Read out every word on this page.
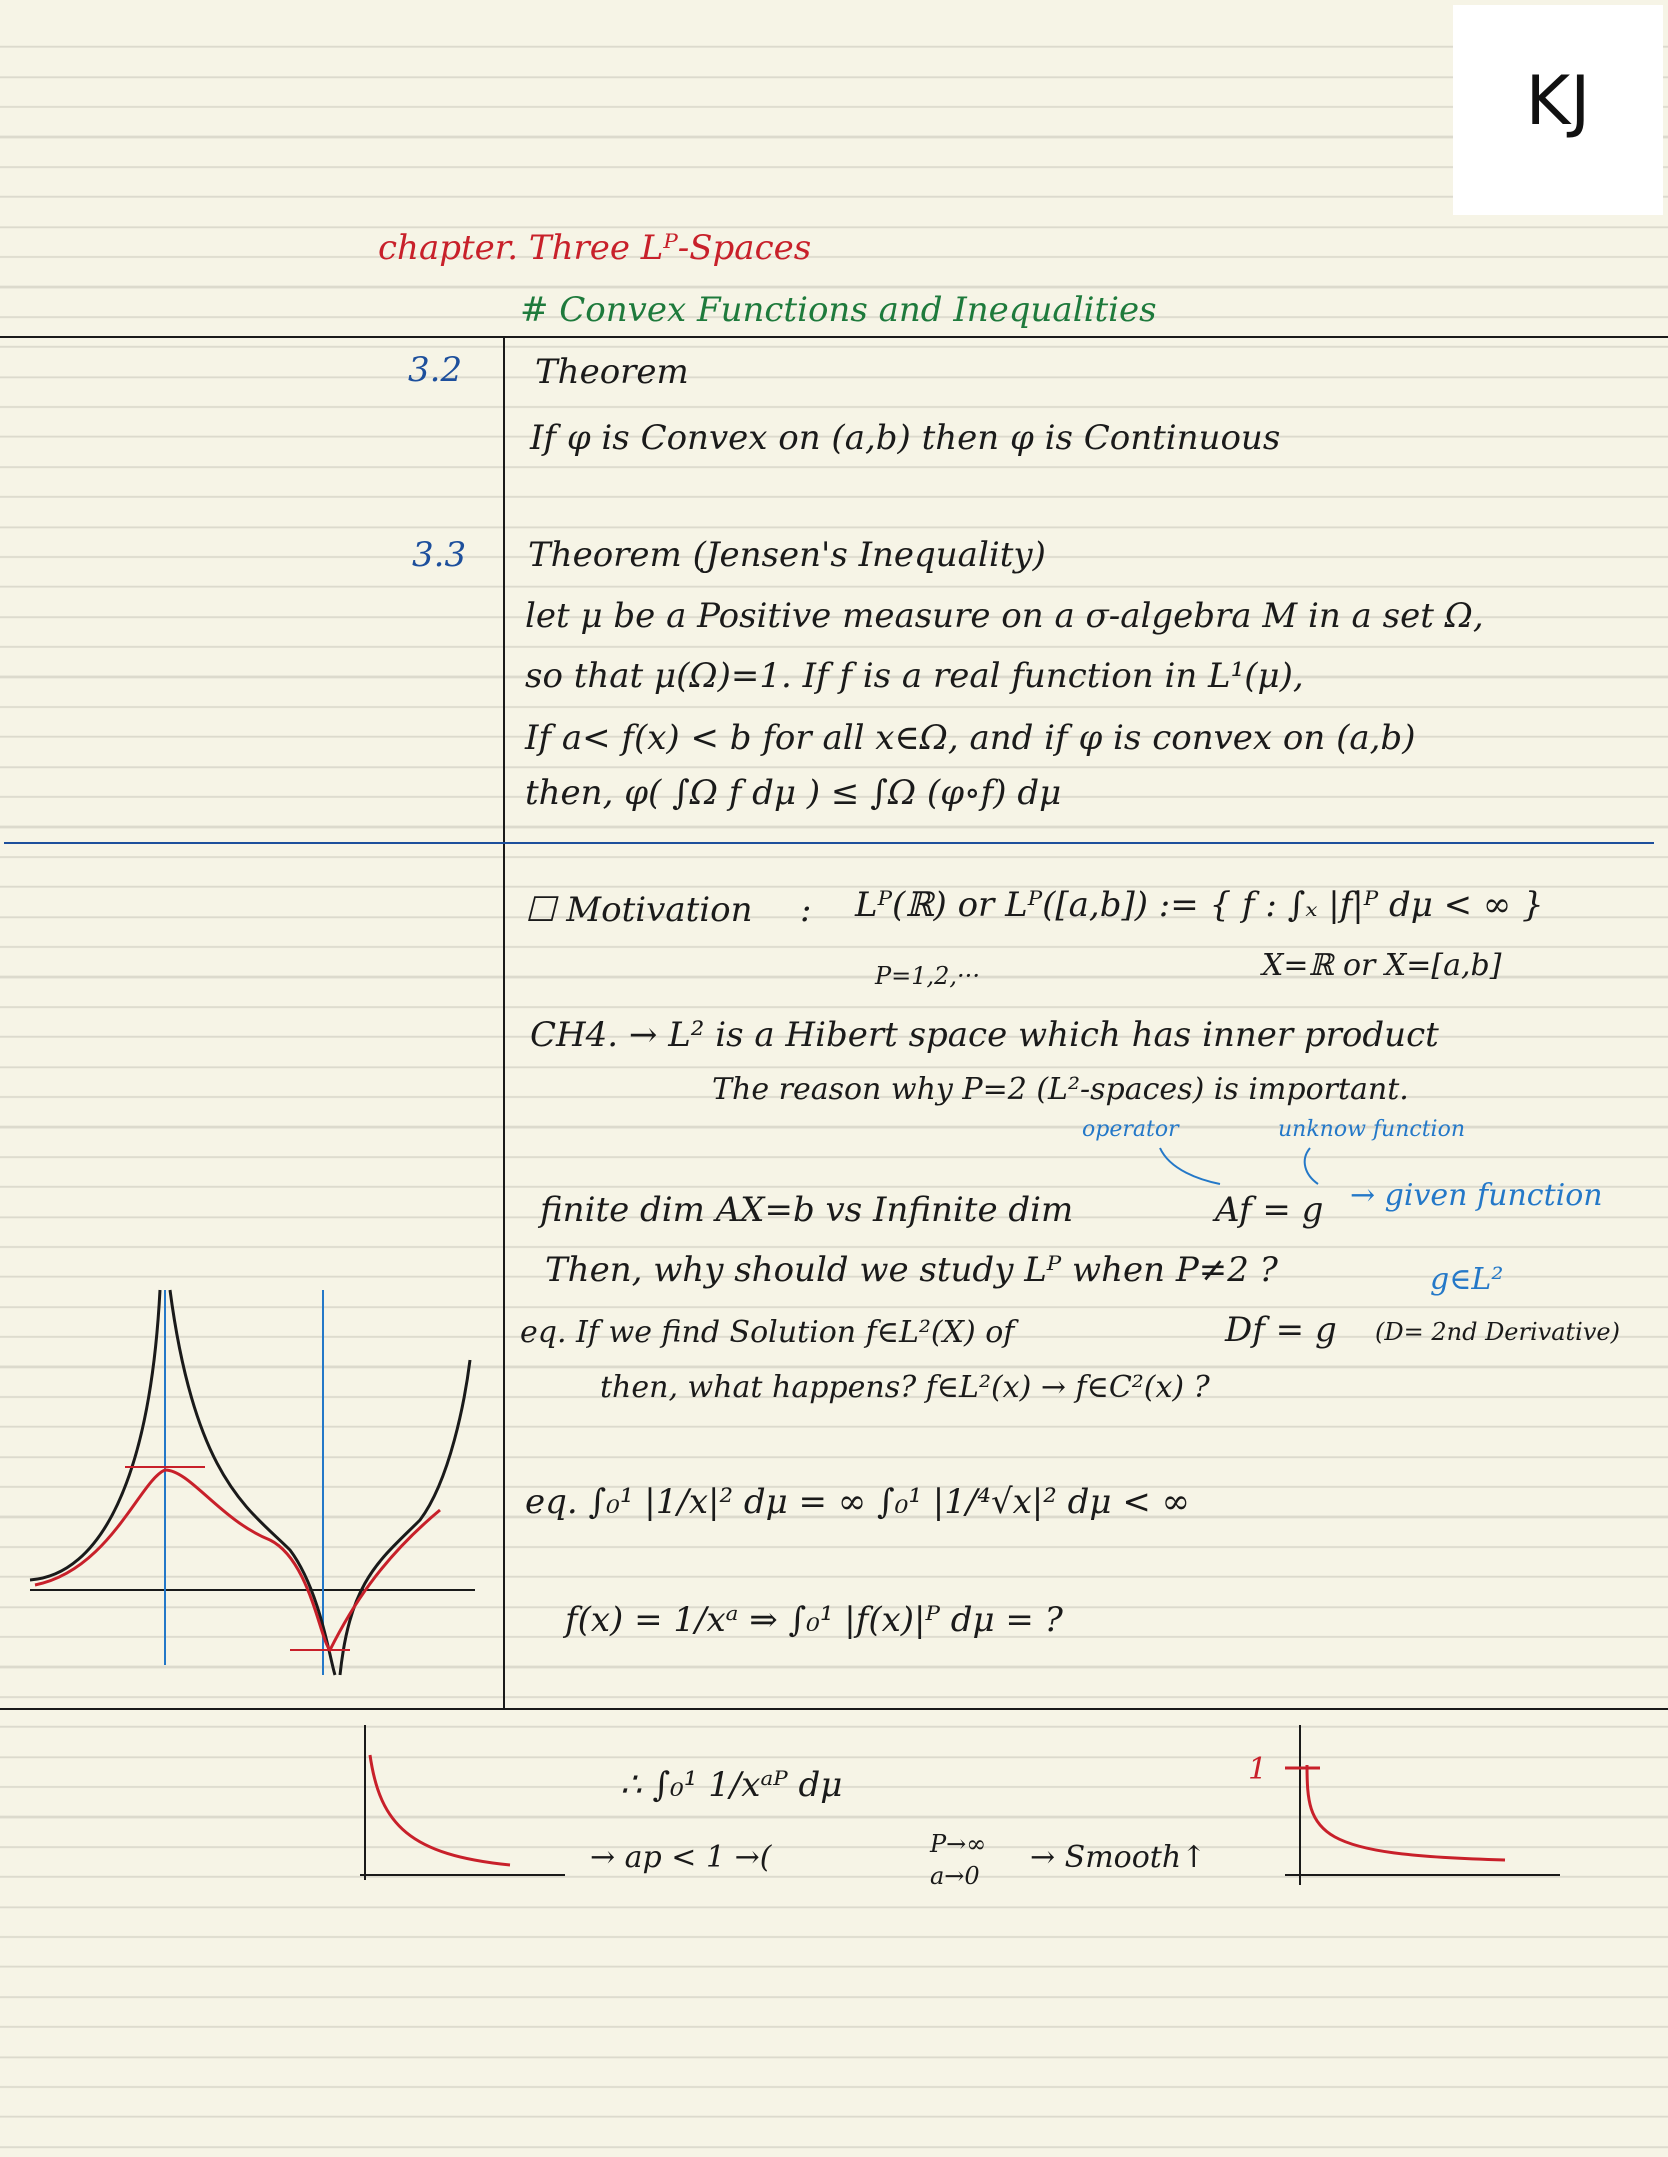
KJ
chapter. Three Lᴾ-Spaces
# Convex Functions and Inequalities
3.2 Theorem
If φ is Convex on (a,b) then φ is Continuous
3.3 Theorem (Jensen's Inequality)
let μ be a Positive measure on a σ-algebra M in a set Ω,
so that μ(Ω)=1. If f is a real function in L¹(μ),
If a< f(x) < b for all x∈Ω, and if φ is convex on (a,b)
then, φ( ∫Ω f dμ ) ≤ ∫Ω (φ∘f) dμ
☐ Motivation : Lᴾ(ℝ) or Lᴾ([a,b]) := { f : ∫ₓ |f|ᴾ dμ < ∞ }
P=1,2,···	X=ℝ or X=[a,b]
CH4. → L² is a Hibert space which has inner product
The reason why P=2 (L²-spaces) is important.
operator	unknow function
finite dim AX=b vs Infinite dim	Af = g → given function
Then, why should we study Lᴾ when P≠2 ?	g∈L²
eq. If we find Solution f∈L²(X) of	Df = g (D= 2nd Derivative)
then, what happens? f∈L²(x) → f∈C²(x) ?
eq. ∫₀¹ |1/x|² dμ = ∞ ∫₀¹ |1/⁴√x|² dμ < ∞
f(x) = 1/xᵃ ⇒ ∫₀¹ |f(x)|ᴾ dμ = ?
∴ ∫₀¹ 1/xᵃᴾ dμ
→ ap < 1 →(	P→∞
a→0
→ Smooth↑
1
